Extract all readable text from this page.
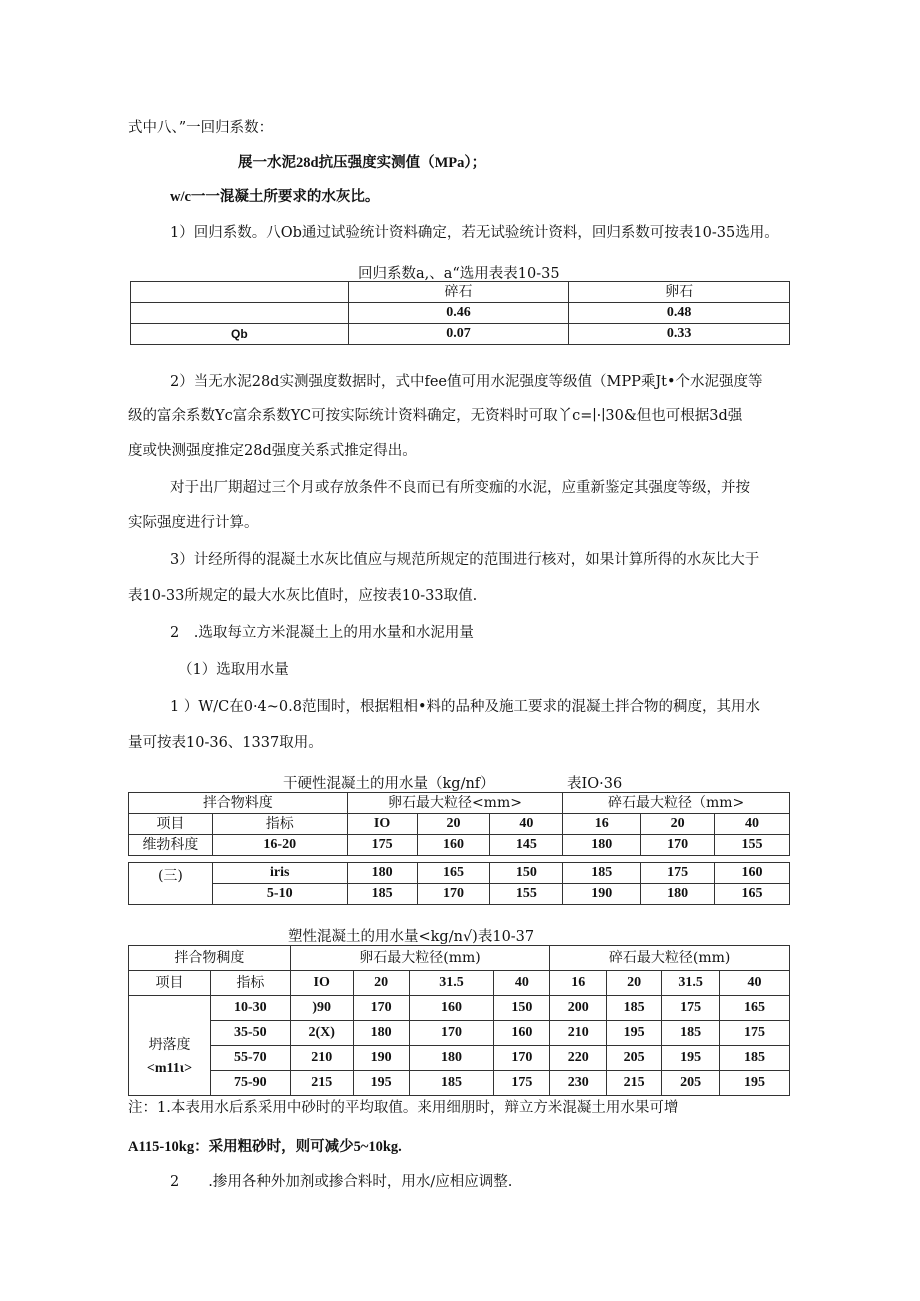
式中八、”一回归系数：
展一水泥28d抗压强度实测值（MPa）；
w/c一一混凝土所要求的水灰比。
1）回归系数。八Ob通过试验统计资料确定，若无试验统计资料，回归系数可按表10-35选用。
回归系数a,、a“选用表表10-35
	碎石	卵石
	0.46	0.48
Qb	0.07	0.33
2）当无水泥28d实测强度数据时，式中fee值可用水泥强度等级值（MPP乘Jt•个水泥强度等
级的富余系数Yc富余系数YC可按实际统计资料确定，无资料时可取丫c=∣·∣30&但也可根据3d强
度或快测强度推定28d强度关系式推定得出。
对于出厂期超过三个月或存放条件不良而已有所变痂的水泥，应重新鉴定其强度等级，并按
实际强度进行计算。
3）计经所得的混凝土水灰比值应与规范所规定的范围进行核对，如果计算所得的水灰比大于
表10-33所规定的最大水灰比值时，应按表10-33取值.
2　.选取每立方米混凝土上的用水量和水泥用量
（1）选取用水量
1 ）W/C在0·4~0.8范围时，根据粗相•料的品种及施工要求的混凝土拌合物的稠度，其用水
量可按表10-36、1337取用。
干硬性混凝土的用水量（kg∕nf）	表IO·36
拌合物料度		卵石最大粒径<mm>			碎石最大粒径（mm>		
项目	指标	IO	20	40	16	20	40
维勃科度	16-20	175	160	145	180	170	155

(三)	iris	180	165	150	185	175	160
	5-10	185	170	155	190	180	165
塑性混凝土的用水量<kg∕n√)表10-37
拌合物稠度		卵石最大粒径(mm)				碎石最大粒径(mm)			
项目	指标	IO	20	31.5	40	16	20	31.5	40

坍落度
<m11ι>	10-30	)90	170	160	150	200	185	175	165
	35-50	2(X)	180	170	160	210	195	185	175
	55-70	210	190	180	170	220	205	195	185
	75-90	215	195	185	175	230	215	205	195
注：1.本表用水后系采用中砂时的平均取值。来用细朋时，辩立方米混凝土用水果可增
A115-10kg：采用粗砂时，则可减少5~10kg.
2　　.掺用各种外加剂或掺合料时，用水∕应相应调整.
